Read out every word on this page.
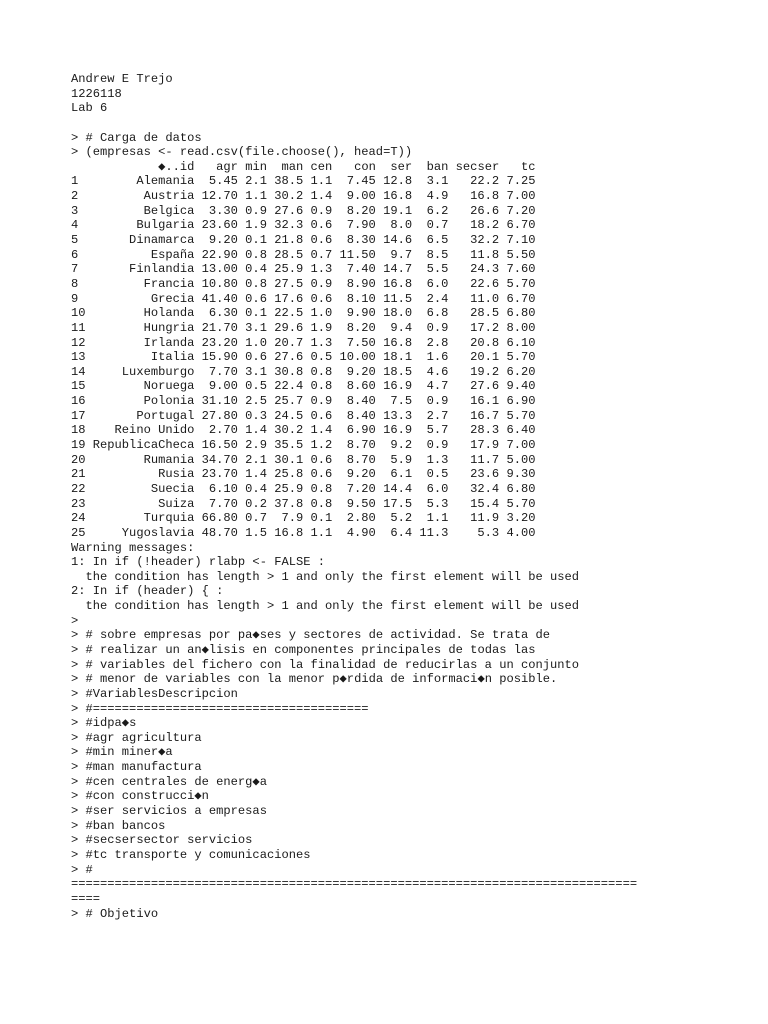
Andrew E Trejo
1226118
Lab 6
> # Carga de datos
> (empresas <- read.csv(file.choose(), head=T))
◆..id   agr min  man cen   con  ser  ban secser   tc
1        Alemania  5.45 2.1 38.5 1.1  7.45 12.8  3.1   22.2 7.25
2         Austria 12.70 1.1 30.2 1.4  9.00 16.8  4.9   16.8 7.00
3         Belgica  3.30 0.9 27.6 0.9  8.20 19.1  6.2   26.6 7.20
4        Bulgaria 23.60 1.9 32.3 0.6  7.90  8.0  0.7   18.2 6.70
5       Dinamarca  9.20 0.1 21.8 0.6  8.30 14.6  6.5   32.2 7.10
6          España 22.90 0.8 28.5 0.7 11.50  9.7  8.5   11.8 5.50
7       Finlandia 13.00 0.4 25.9 1.3  7.40 14.7  5.5   24.3 7.60
8         Francia 10.80 0.8 27.5 0.9  8.90 16.8  6.0   22.6 5.70
9          Grecia 41.40 0.6 17.6 0.6  8.10 11.5  2.4   11.0 6.70
10        Holanda  6.30 0.1 22.5 1.0  9.90 18.0  6.8   28.5 6.80
11        Hungria 21.70 3.1 29.6 1.9  8.20  9.4  0.9   17.2 8.00
12        Irlanda 23.20 1.0 20.7 1.3  7.50 16.8  2.8   20.8 6.10
13         Italia 15.90 0.6 27.6 0.5 10.00 18.1  1.6   20.1 5.70
14     Luxemburgo  7.70 3.1 30.8 0.8  9.20 18.5  4.6   19.2 6.20
15        Noruega  9.00 0.5 22.4 0.8  8.60 16.9  4.7   27.6 9.40
16        Polonia 31.10 2.5 25.7 0.9  8.40  7.5  0.9   16.1 6.90
17       Portugal 27.80 0.3 24.5 0.6  8.40 13.3  2.7   16.7 5.70
18    Reino Unido  2.70 1.4 30.2 1.4  6.90 16.9  5.7   28.3 6.40
19 RepublicaCheca 16.50 2.9 35.5 1.2  8.70  9.2  0.9   17.9 7.00
20        Rumania 34.70 2.1 30.1 0.6  8.70  5.9  1.3   11.7 5.00
21          Rusia 23.70 1.4 25.8 0.6  9.20  6.1  0.5   23.6 9.30
22         Suecia  6.10 0.4 25.9 0.8  7.20 14.4  6.0   32.4 6.80
23          Suiza  7.70 0.2 37.8 0.8  9.50 17.5  5.3   15.4 5.70
24        Turquia 66.80 0.7  7.9 0.1  2.80  5.2  1.1   11.9 3.20
25     Yugoslavia 48.70 1.5 16.8 1.1  4.90  6.4 11.3    5.3 4.00
Warning messages:
1: In if (!header) rlabp <- FALSE :
the condition has length > 1 and only the first element will be used
2: In if (header) { :
the condition has length > 1 and only the first element will be used
>
> # sobre empresas por pa◆ses y sectores de actividad. Se trata de
> # realizar un an◆lisis en componentes principales de todas las
> # variables del fichero con la finalidad de reducirlas a un conjunto
> # menor de variables con la menor p◆rdida de informaci◆n posible.
> #VariablesDescripcion
> #======================================
> #idpa◆s
> #agr agricultura
> #min miner◆a
> #man manufactura
> #cen centrales de energ◆a
> #con construcci◆n
> #ser servicios a empresas
> #ban bancos
> #secsersector servicios
> #tc transporte y comunicaciones
> #
==============================================================================
====
> # Objetivo
